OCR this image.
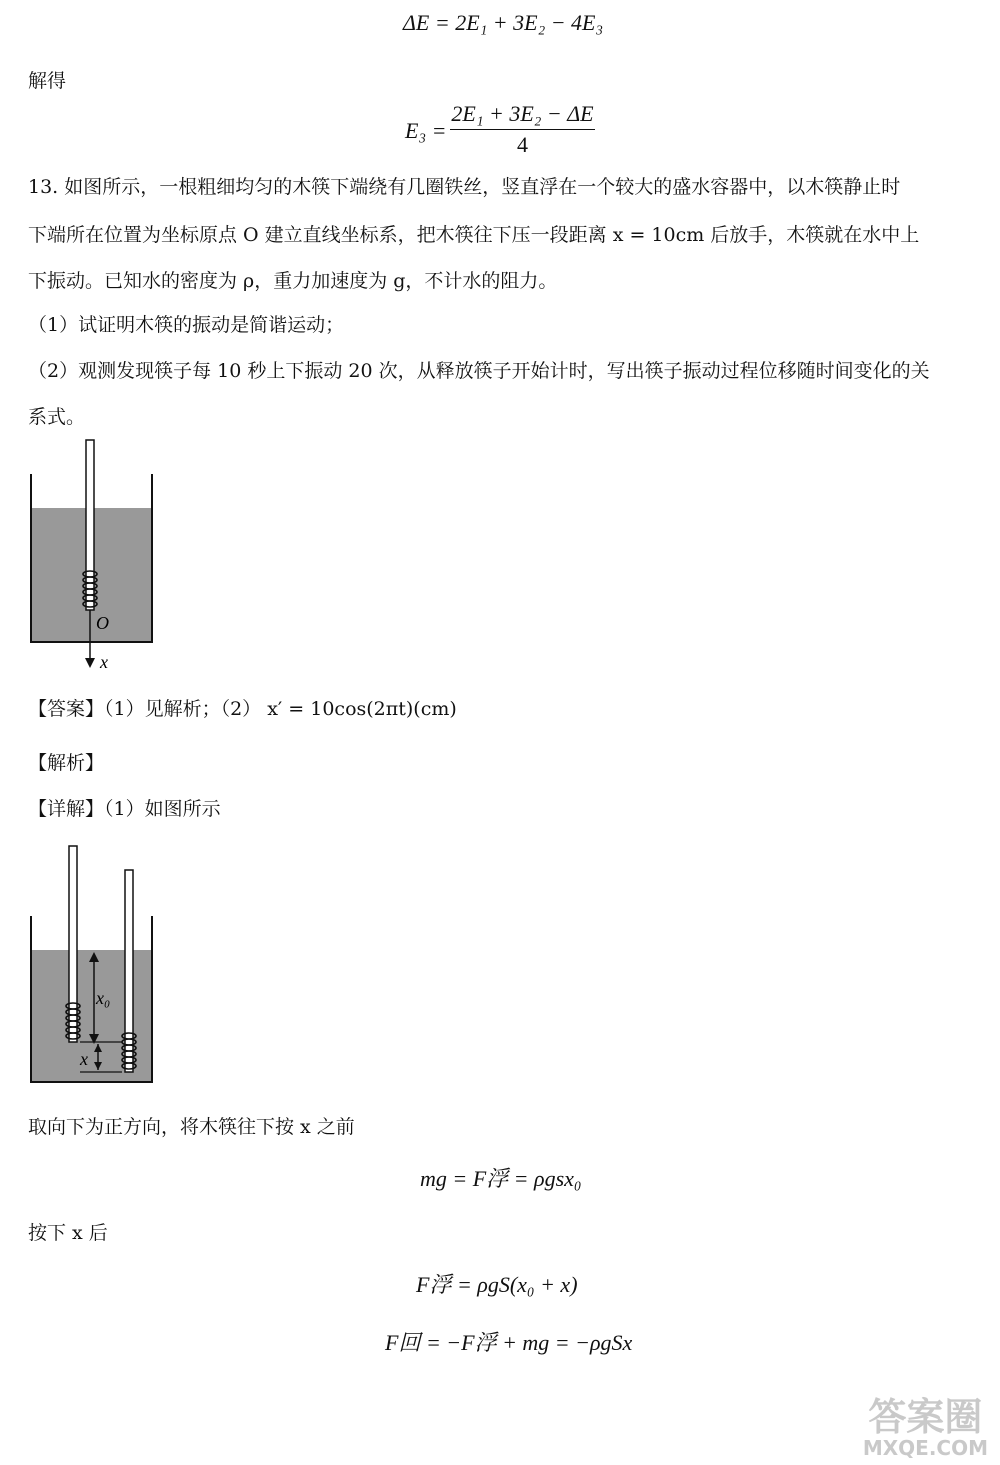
ΔE = 2E₁ + 3E₂ − 4E₃
解得
E₃ =
2E₁ + 3E₂ − ΔE
4
13. 如图所示，一根粗细均匀的木筷下端绕有几圈铁丝，竖直浮在一个较大的盛水容器中，以木筷静止时
下端所在位置为坐标原点 O 建立直线坐标系，把木筷往下压一段距离 x = 10cm 后放手，木筷就在水中上
下振动。已知水的密度为 ρ，重力加速度为 g，不计水的阻力。
（1）试证明木筷的振动是简谐运动；
（2）观测发现筷子每 10 秒上下振动 20 次，从释放筷子开始计时，写出筷子振动过程位移随时间变化的关
系式。
O
x
【答案】（1）见解析；（2） x′ = 10cos(2πt)(cm)
【解析】
【详解】（1）如图所示
x₀
x
取向下为正方向，将木筷往下按 x 之前
mg = F浮 = ρgsx₀
按下 x 后
F浮 = ρgS(x₀ + x)
F回 = −F浮 + mg = −ρgSx
答案圈
MXQE.COM
